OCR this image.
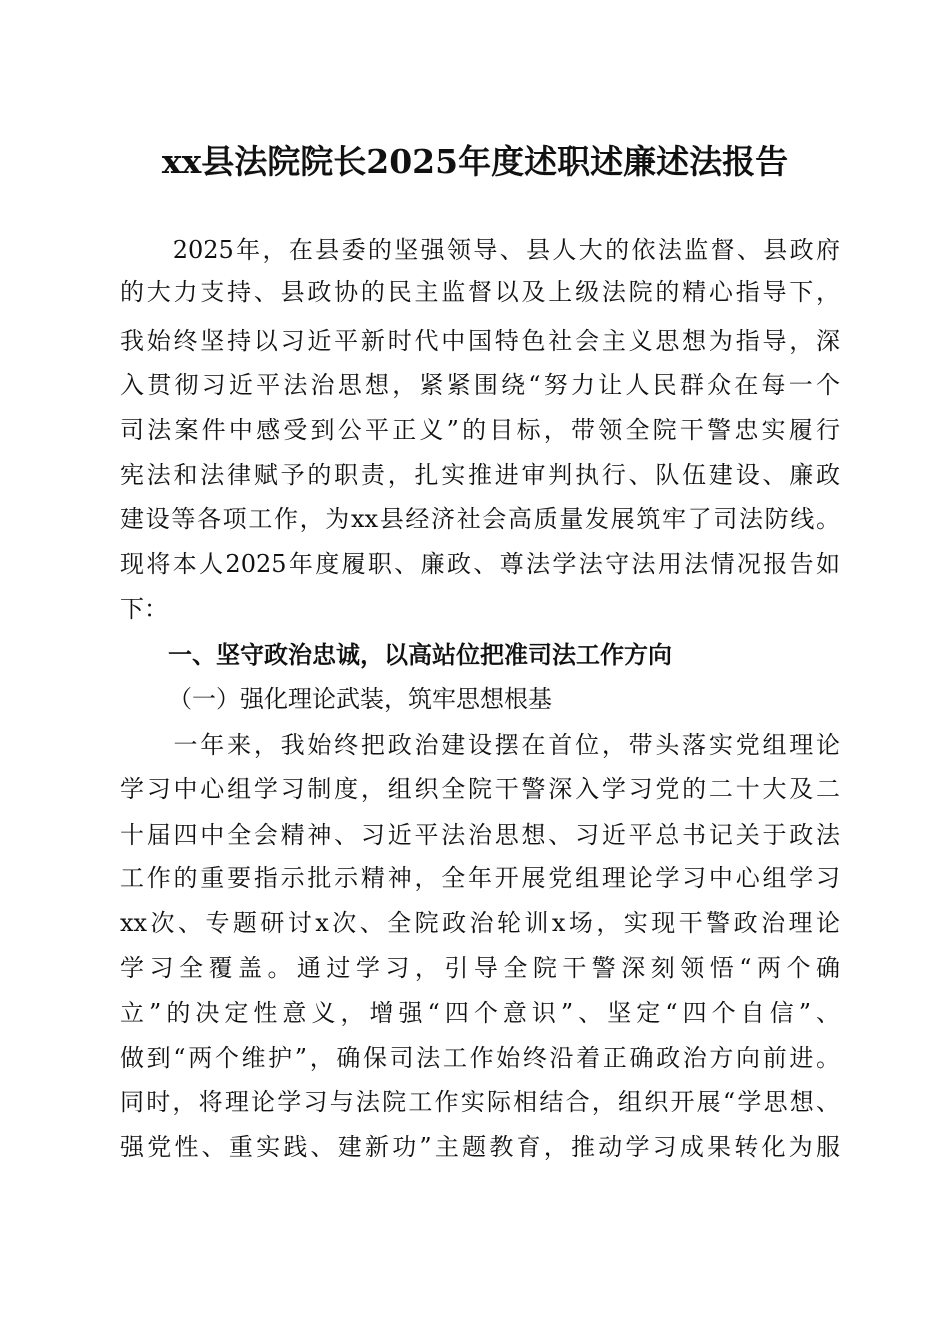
xx县法院院长2025年度述职述廉述法报告
　　2025年，在县委的坚强领导、县人大的依法监督、县政府
的大力支持、县政协的民主监督以及上级法院的精心指导下，
我始终坚持以习近平新时代中国特色社会主义思想为指导，深
入贯彻习近平法治思想，紧紧围绕“努力让人民群众在每一个
司法案件中感受到公平正义”的目标，带领全院干警忠实履行
宪法和法律赋予的职责，扎实推进审判执行、队伍建设、廉政
建设等各项工作，为xx县经济社会高质量发展筑牢了司法防线。
现将本人2025年度履职、廉政、尊法学法守法用法情况报告如
下：
一、坚守政治忠诚，以高站位把准司法工作方向
（一）强化理论武装，筑牢思想根基
　　一年来，我始终把政治建设摆在首位，带头落实党组理论
学习中心组学习制度，组织全院干警深入学习党的二十大及二
十届四中全会精神、习近平法治思想、习近平总书记关于政法
工作的重要指示批示精神，全年开展党组理论学习中心组学习
xx次、专题研讨x次、全院政治轮训x场，实现干警政治理论
学习全覆盖。通过学习，引导全院干警深刻领悟“两个确
立”的决定性意义，增强“四个意识”、坚定“四个自信”、
做到“两个维护”，确保司法工作始终沿着正确政治方向前进。
同时，将理论学习与法院工作实际相结合，组织开展“学思想、
强党性、重实践、建新功”主题教育，推动学习成果转化为服
